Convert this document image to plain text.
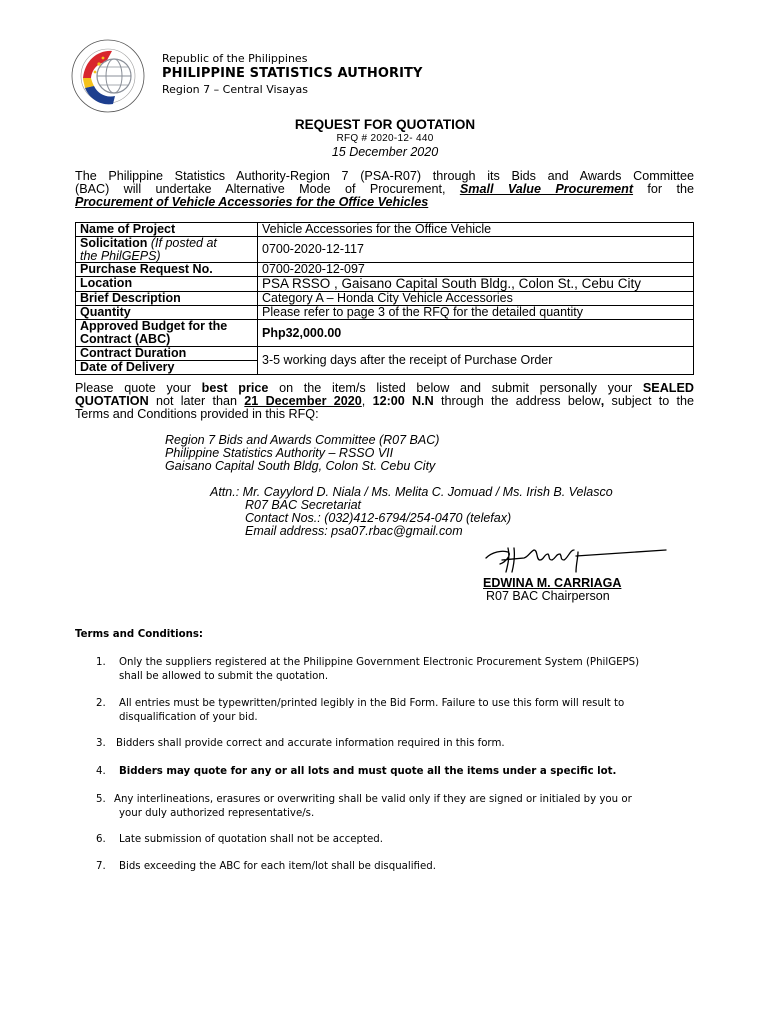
Republic of the Philippines
PHILIPPINE STATISTICS AUTHORITY
Region 7 – Central Visayas
REQUEST FOR QUOTATION
RFQ # 2020-12- 440
15 December 2020
The Philippine Statistics Authority-Region 7 (PSA-R07) through its Bids and Awards Committee
(BAC) will undertake Alternative Mode of Procurement, Small Value Procurement for the
Procurement of Vehicle Accessories for the Office Vehicles
Name of Project	Vehicle Accessories for the Office Vehicle
Solicitation (If posted at
the PhilGEPS)	0700-2020-12-117
Purchase Request No.	0700-2020-12-097
Location	PSA RSSO , Gaisano Capital South Bldg., Colon St., Cebu City
Brief Description	Category A – Honda City Vehicle Accessories
Quantity	Please refer to page 3 of the RFQ for the detailed quantity
Approved Budget for the
Contract (ABC)	Php32,000.00
Contract Duration
Date of Delivery	3-5 working days after the receipt of Purchase Order
Please quote your best price on the item/s listed below and submit personally your SEALED
QUOTATION not later than 21 December 2020, 12:00 N.N through the address below, subject to the
Terms and Conditions provided in this RFQ:
Region 7 Bids and Awards Committee (R07 BAC)
Philippine Statistics Authority – RSSO VII
Gaisano Capital South Bldg, Colon St. Cebu City
Attn.: Mr. Cayylord D. Niala / Ms. Melita C. Jomuad / Ms. Irish B. Velasco
R07 BAC Secretariat
Contact Nos.: (032)412-6794/254-0470 (telefax)
Email address: psa07.rbac@gmail.com
EDWINA M. CARRIAGA
R07 BAC Chairperson
Terms and Conditions:
1. Only the suppliers registered at the Philippine Government Electronic Procurement System (PhilGEPS)
shall be allowed to submit the quotation.
2. All entries must be typewritten/printed legibly in the Bid Form. Failure to use this form will result to
disqualification of your bid.
3. Bidders shall provide correct and accurate information required in this form.
4. Bidders may quote for any or all lots and must quote all the items under a specific lot.
5. Any interlineations, erasures or overwriting shall be valid only if they are signed or initialed by you or
your duly authorized representative/s.
6. Late submission of quotation shall not be accepted.
7. Bids exceeding the ABC for each item/lot shall be disqualified.
